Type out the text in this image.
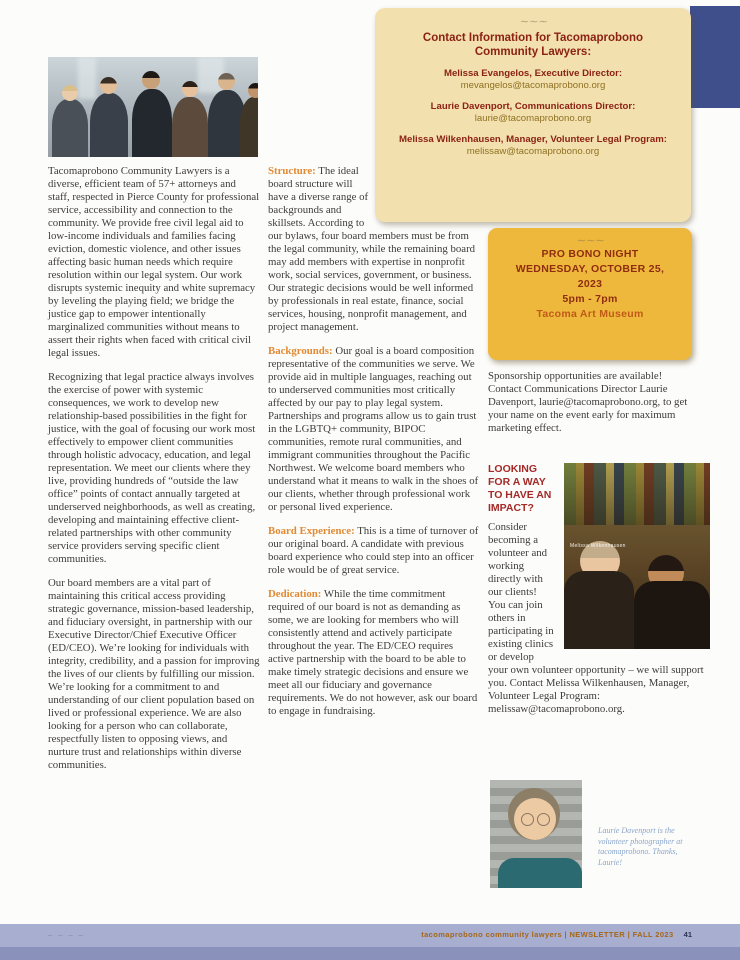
∼∼∼
Contact Information for Tacomaprobono Community Lawyers:
Melissa Evangelos, Executive Director:
mevangelos@tacomaprobono.org
Laurie Davenport, Communications Director:
laurie@tacomaprobono.org
Melissa Wilkenhausen, Manager, Volunteer Legal Program:
melissaw@tacomaprobono.org

Tacomaprobono Community Lawyers is a diverse, efficient team of 57+ attorneys and staff, respected in Pierce County for professional service, accessibility and connection to the community. We provide free civil legal aid to low-income individuals and families facing eviction, domestic violence, and other issues affecting basic human needs which require resolution within our legal system. Our work disrupts systemic inequity and white supremacy by leveling the playing field; we bridge the justice gap to empower intentionally marginalized communities without means to assert their rights when faced with critical civil legal issues.

Recognizing that legal practice always involves the exercise of power with systemic consequences, we work to develop new relationship-based possibilities in the fight for justice, with the goal of focusing our work most effectively to empower client communities through holistic advocacy, education, and legal representation. We meet our clients where they live, providing hundreds of “outside the law office” points of contact annually targeted at underserved neighborhoods, as well as creating, developing and maintaining effective client-related partnerships with other community service providers serving specific client communities.

Our board members are a vital part of maintaining this critical access providing strategic governance, mission-based leadership, and fiduciary oversight, in partnership with our Executive Director/Chief Executive Officer (ED/CEO). We’re looking for individuals with integrity, credibility, and a passion for improving the lives of our clients by fulfilling our mission. We’re looking for a commitment to and understanding of our client population based on lived or professional experience. We are also looking for a person who can collaborate, respectfully listen to opposing views, and nurture trust and relationships within diverse communities.

Structure: The ideal board structure will have a diverse range of backgrounds and skillsets. According to our bylaws, four board members must be from the legal community, while the remaining board may add members with expertise in nonprofit work, social services, government, or business. Our strategic decisions would be well informed by professionals in real estate, finance, social services, housing, nonprofit management, and project management.

Backgrounds: Our goal is a board composition representative of the communities we serve. We provide aid in multiple languages, reaching out to underserved communities most critically affected by our pay to play legal system. Partnerships and programs allow us to gain trust in the LGBTQ+ community, BIPOC communities, remote rural communities, and immigrant communities throughout the Pacific Northwest. We welcome board members who understand what it means to walk in the shoes of our clients, whether through professional work or personal lived experience.

Board Experience: This is a time of turnover of our original board. A candidate with previous board experience who could step into an officer role would be of great service.

Dedication: While the time commitment required of our board is not as demanding as some, we are looking for members who will consistently attend and actively participate throughout the year. The ED/CEO requires active partnership with the board to be able to make timely strategic decisions and ensure we meet all our fiduciary and governance requirements. We do not however, ask our board to engage in fundraising.

∼∼∼
PRO BONO NIGHT
WEDNESDAY, OCTOBER 25,
2023
5pm - 7pm
Tacoma Art Museum

Sponsorship opportunities are available! Contact Communications Director Laurie Davenport, laurie@tacomaprobono.org, to get your name on the event early for maximum marketing effect.

Melissa Wilkenhausen
LOOKING FOR A WAY TO HAVE AN IMPACT?

Consider becoming a volunteer and working directly with our clients! You can join others in participating in existing clinics or develop your own volunteer opportunity – we will support you. Contact Melissa Wilkenhausen, Manager, Volunteer Legal Program: melissaw@tacomaprobono.org.

Laurie Davenport is the volunteer photographer at tacomaprobono. Thanks, Laurie!
– – – –	tacomaprobono community lawyers | NEWSLETTER | FALL 2023 41
